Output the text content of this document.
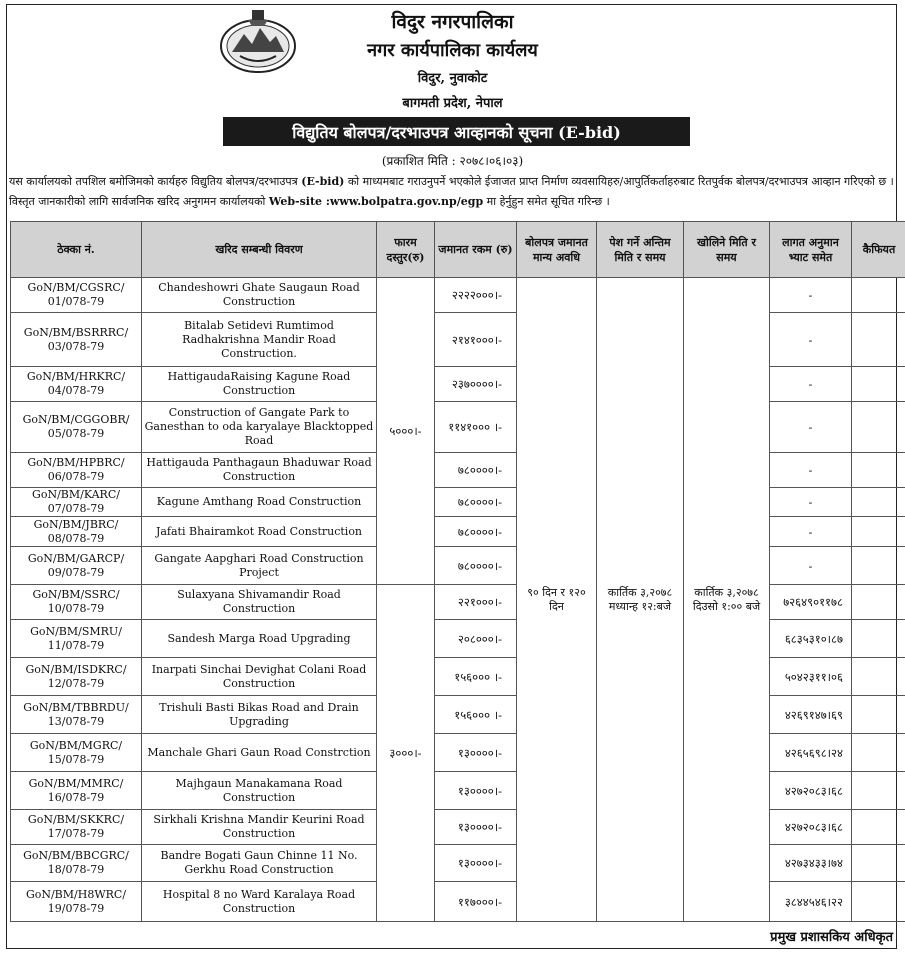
विदुर नगरपालिका
नगर कार्यपालिका कार्यलय
विदुर, नुवाकोट
बागमती प्रदेश, नेपाल
विद्युतिय बोलपत्र/दरभाउपत्र आव्हानको सूचना (E-bid)
(प्रकाशित मिति : २०७८।०६।०३)
यस कार्यालयको तपशिल बमोजिमको कार्यहरु विद्युतिय बोलपत्र/दरभाउपत्र (E-bid) को माध्यमबाट गराउनुपर्ने भएकोले ईजाजत प्राप्त निर्माण व्यवसायिहरु/आपुर्तिकर्ताहरुबाट रितपुर्वक बोलपत्र/दरभाउपत्र आव्हान गरिएको छ । विस्तृत जानकारीको लागि सार्वजनिक खरिद अनुगमन कार्यालयको Web-site :www.bolpatra.gov.np/egp मा हेर्नुहुन समेत सूचित गरिन्छ ।
ठेक्का नं.	खरिद सम्बन्धी विवरण	फारम दस्तुर(रु)	जमानत रकम (रु)	बोलपत्र जमानत मान्य अवधि	पेश गर्ने अन्तिम मिति र समय	खोलिने मिति र समय	लागत अनुमान भ्याट समेत	कैफियत
GoN/BM/CGSRC/ 01/078-79	Chandeshowri Ghate Saugaun Road Construction	५०००।-	२२२२०००।-	९० दिन र १२० दिन	कार्तिक ३,२०७८ मध्यान्ह १२:बजे	कार्तिक ३,२०७८ दिउसो १:०० बजे	-	
GoN/BM/BSRRRC/ 03/078-79	Bitalab Setidevi Rumtimod Radhakrishna Mandir Road Construction.		२१४१०००।-				-	
GoN/BM/HRKRC/ 04/078-79	HattigaudaRaising Kagune Road Construction		२३७००००।-				-	
GoN/BM/CGGOBR/ 05/078-79	Construction of Gangate Park to Ganesthan to oda karyalaye Blacktopped Road		११४१००० ।-				-	
GoN/BM/HPBRC/ 06/078-79	Hattigauda Panthagaun Bhaduwar Road Construction		७८००००।-				-	
GoN/BM/KARC/ 07/078-79	Kagune Amthang Road Construction		७८००००।-				-	
GoN/BM/JBRC/ 08/078-79	Jafati Bhairamkot Road Construction		७८००००।-				-	
GoN/BM/GARCP/ 09/078-79	Gangate Aapghari Road Construction Project		७८००००।-				-	
GoN/BM/SSRC/ 10/078-79	Sulaxyana Shivamandir Road Construction	३०००।-	२२१०००।-				७२६४९०११७८	
GoN/BM/SMRU/ 11/078-79	Sandesh Marga Road Upgrading		२०८०००।-				६८३५३१०।८७	
GoN/BM/ISDKRC/ 12/078-79	Inarpati Sinchai Devighat Colani Road Construction		१५६००० ।-				५०४२३११।०६	
GoN/BM/TBBRDU/ 13/078-79	Trishuli Basti Bikas Road and Drain Upgrading		१५६००० ।-				४२६९१४७।६९	
GoN/BM/MGRC/ 15/078-79	Manchale Ghari Gaun Road Constrction		१३००००।-				४२६५६९८।२४	
GoN/BM/MMRC/ 16/078-79	Majhgaun Manakamana Road Construction		१३००००।-				४२७२०८३।६८	
GoN/BM/SKKRC/ 17/078-79	Sirkhali Krishna Mandir Keurini Road Construction		१३००००।-				४२७२०८३।६८	
GoN/BM/BBCGRC/ 18/078-79	Bandre Bogati Gaun Chinne 11 No. Gerkhu Road Construction		१३००००।-				४२७३४३३।७४	
GoN/BM/H8WRC/ 19/078-79	Hospital 8 no Ward Karalaya Road Construction		११७०००।-				३८४४५४६।२२	
प्रमुख प्रशासकिय अधिकृत
